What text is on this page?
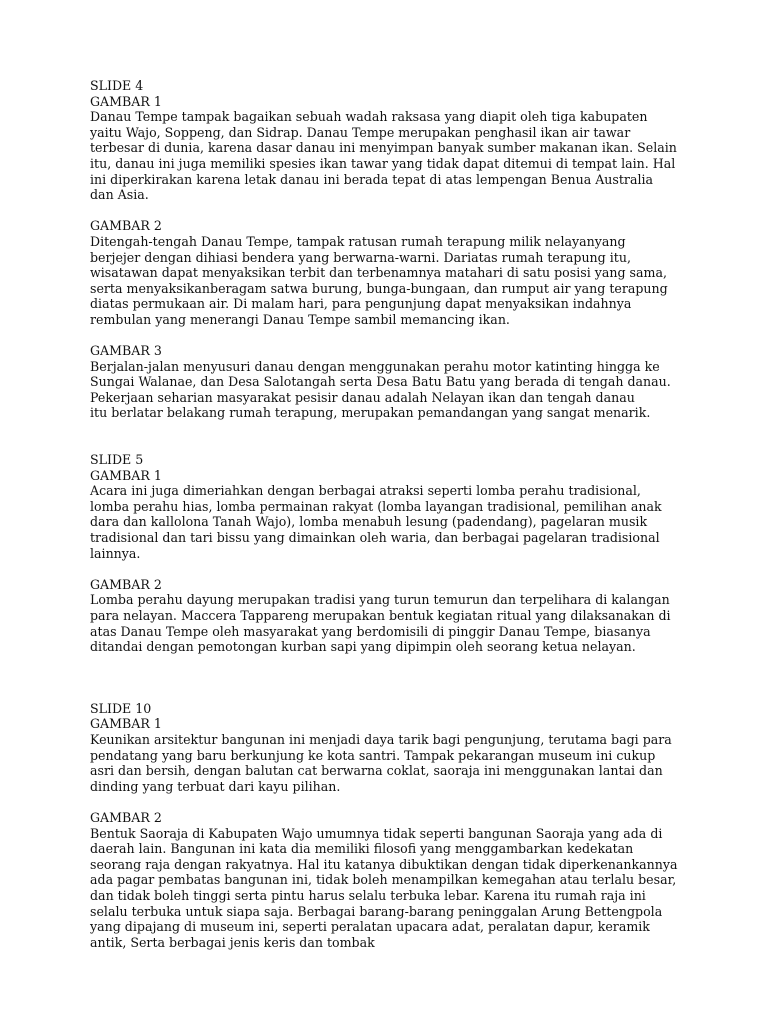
SLIDE 4
GAMBAR 1
Danau Tempe tampak bagaikan sebuah wadah raksasa yang diapit oleh tiga kabupaten
yaitu Wajo, Soppeng, dan Sidrap. Danau Tempe merupakan penghasil ikan air tawar
terbesar di dunia, karena dasar danau ini menyimpan banyak sumber makanan ikan. Selain
itu, danau ini juga memiliki spesies ikan tawar yang tidak dapat ditemui di tempat lain. Hal
ini diperkirakan karena letak danau ini berada tepat di atas lempengan Benua Australia
dan Asia.
GAMBAR 2
Ditengah-tengah Danau Tempe, tampak ratusan rumah terapung milik nelayanyang
berjejer dengan dihiasi bendera yang berwarna-warni. Dariatas rumah terapung itu,
wisatawan dapat menyaksikan terbit dan terbenamnya matahari di satu posisi yang sama,
serta menyaksikanberagam satwa burung, bunga-bungaan, dan rumput air yang terapung
diatas permukaan air. Di malam hari, para pengunjung dapat menyaksikan indahnya
rembulan yang menerangi Danau Tempe sambil memancing ikan.
GAMBAR 3
Berjalan-jalan menyusuri danau dengan menggunakan perahu motor katinting hingga ke
Sungai Walanae, dan Desa Salotangah serta Desa Batu Batu yang berada di tengah danau.
Pekerjaan seharian masyarakat pesisir danau adalah Nelayan ikan dan tengah danau
itu berlatar belakang rumah terapung, merupakan pemandangan yang sangat menarik.
SLIDE 5
GAMBAR 1
Acara ini juga dimeriahkan dengan berbagai atraksi seperti lomba perahu tradisional,
lomba perahu hias, lomba permainan rakyat (lomba layangan tradisional, pemilihan anak
dara dan kallolona Tanah Wajo), lomba menabuh lesung (padendang), pagelaran musik
tradisional dan tari bissu yang dimainkan oleh waria, dan berbagai pagelaran tradisional
lainnya.
GAMBAR 2
Lomba perahu dayung merupakan tradisi yang turun temurun dan terpelihara di kalangan
para nelayan. Maccera Tappareng merupakan bentuk kegiatan ritual yang dilaksanakan di
atas Danau Tempe oleh masyarakat yang berdomisili di pinggir Danau Tempe, biasanya
ditandai dengan pemotongan kurban sapi yang dipimpin oleh seorang ketua nelayan.
SLIDE 10
GAMBAR 1
Keunikan arsitektur bangunan ini menjadi daya tarik bagi pengunjung, terutama bagi para
pendatang yang baru berkunjung ke kota santri. Tampak pekarangan museum ini cukup
asri dan bersih, dengan balutan cat berwarna coklat, saoraja ini menggunakan lantai dan
dinding yang terbuat dari kayu pilihan.
GAMBAR 2
Bentuk Saoraja di Kabupaten Wajo umumnya tidak seperti bangunan Saoraja yang ada di
daerah lain. Bangunan ini kata dia memiliki filosofi yang menggambarkan kedekatan
seorang raja dengan rakyatnya. Hal itu katanya dibuktikan dengan tidak diperkenankannya
ada pagar pembatas bangunan ini, tidak boleh menampilkan kemegahan atau terlalu besar,
dan tidak boleh tinggi serta pintu harus selalu terbuka lebar. Karena itu rumah raja ini
selalu terbuka untuk siapa saja. Berbagai barang-barang peninggalan Arung Bettengpola
yang dipajang di museum ini, seperti peralatan upacara adat, peralatan dapur, keramik
antik, Serta berbagai jenis keris dan tombak
